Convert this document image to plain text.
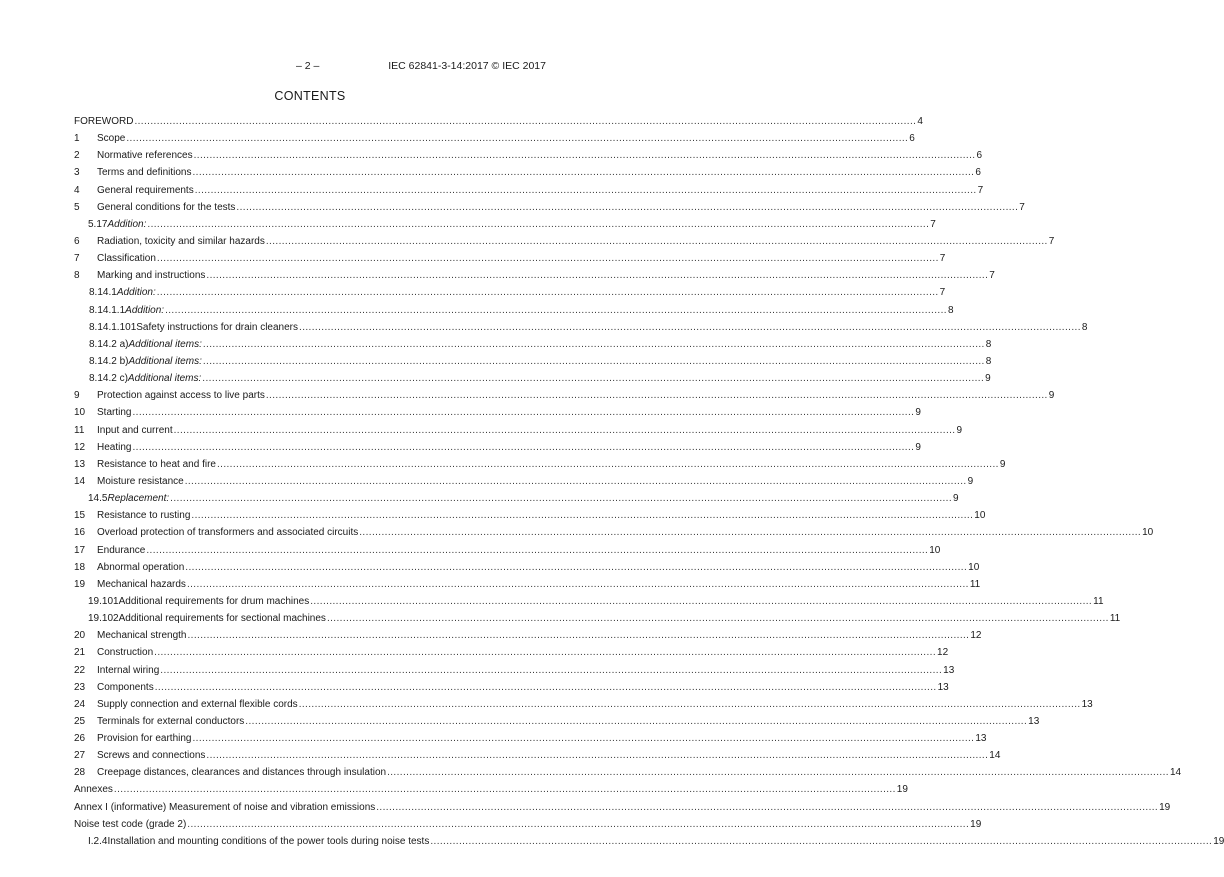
– 2 –	IEC 62841-3-14:2017 © IEC 2017
CONTENTS
FOREWORD .....	4
1	Scope .....	6
2	Normative references .....	6
3	Terms and definitions .....	6
4	General requirements .....	7
5	General conditions for the tests .....	7
5.17 Addition: .....	7
6	Radiation, toxicity and similar hazards .....	7
7	Classification .....	7
8	Marking and instructions .....	7
8.14.1 Addition: .....	7
8.14.1.1 Addition: .....	8
8.14.1.101 Safety instructions for drain cleaners .....	8
8.14.2 a) Additional items: .....	8
8.14.2 b) Additional items: .....	8
8.14.2 c) Additional items: .....	9
9	Protection against access to live parts .....	9
10	Starting .....	9
11	Input and current .....	9
12	Heating .....	9
13	Resistance to heat and fire .....	9
14	Moisture resistance .....	9
14.5 Replacement: .....	9
15	Resistance to rusting .....	10
16	Overload protection of transformers and associated circuits .....	10
17	Endurance .....	10
18	Abnormal operation .....	10
19	Mechanical hazards .....	11
19.101 Additional requirements for drum machines .....	11
19.102 Additional requirements for sectional machines .....	11
20	Mechanical strength .....	12
21	Construction .....	12
22	Internal wiring .....	13
23	Components .....	13
24	Supply connection and external flexible cords .....	13
25	Terminals for external conductors .....	13
26	Provision for earthing .....	13
27	Screws and connections .....	14
28	Creepage distances, clearances and distances through insulation .....	14
Annexes .....	19
Annex I (informative) Measurement of noise and vibration emissions .....	19
Noise test code (grade 2) .....	19
I.2.4 Installation and mounting conditions of the power tools during noise tests .....	19
